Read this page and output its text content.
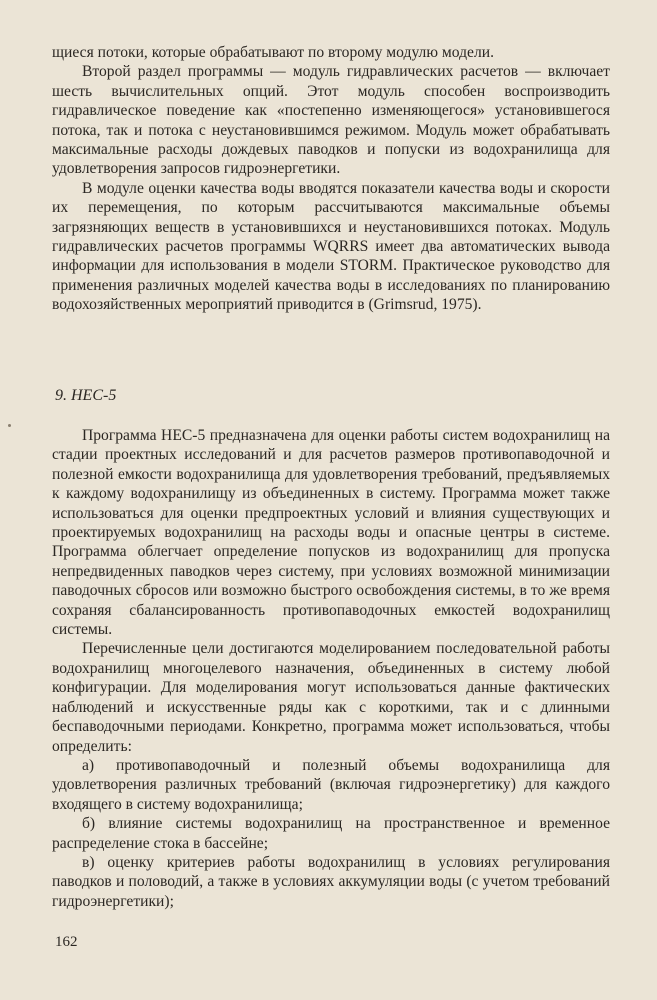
щиеся потоки, которые обрабатывают по второму модулю модели.

Второй раздел программы — модуль гидравлических расчетов — включает шесть вычислительных опций. Этот модуль способен воспроизводить гидравлическое поведение как «постепенно изменяющегося» установившегося потока, так и потока с неустановившимся режимом. Модуль может обрабатывать максимальные расходы дождевых паводков и попуски из водохранилища для удовлетворения запросов гидроэнергетики.

В модуле оценки качества воды вводятся показатели качества воды и скорости их перемещения, по которым рассчитываются максимальные объемы загрязняющих веществ в установившихся и неустановившихся потоках. Модуль гидравлических расчетов программы WQRRS имеет два автоматических вывода информации для использования в модели STORM. Практическое руководство для применения различных моделей качества воды в исследованиях по планированию водохозяйственных мероприятий приводится в (Grimsrud, 1975).

9. НЕС-5

Программа НЕС-5 предназначена для оценки работы систем водохранилищ на стадии проектных исследований и для расчетов размеров противопаводочной и полезной емкости водохранилища для удовлетворения требований, предъявляемых к каждому водохранилищу из объединенных в систему. Программа может также использоваться для оценки предпроектных условий и влияния существующих и проектируемых водохранилищ на расходы воды и опасные центры в системе. Программа облегчает определение попусков из водохранилищ для пропуска непредвиденных паводков через систему, при условиях возможной минимизации паводочных сбросов или возможно быстрого освобождения системы, в то же время сохраняя сбалансированность противопаводочных емкостей водохранилищ системы.

Перечисленные цели достигаются моделированием последовательной работы водохранилищ многоцелевого назначения, объединенных в систему любой конфигурации. Для моделирования могут использоваться данные фактических наблюдений и искусственные ряды как с короткими, так и с длинными беспаводочными периодами. Конкретно, программа может использоваться, чтобы определить:

а) противопаводочный и полезный объемы водохранилища для удовлетворения различных требований (включая гидроэнергетику) для каждого входящего в систему водохранилища;

б) влияние системы водохранилищ на пространственное и временное распределение стока в бассейне;

в) оценку критериев работы водохранилищ в условиях регулирования паводков и половодий, а также в условиях аккумуляции воды (с учетом требований гидроэнергетики);

162
